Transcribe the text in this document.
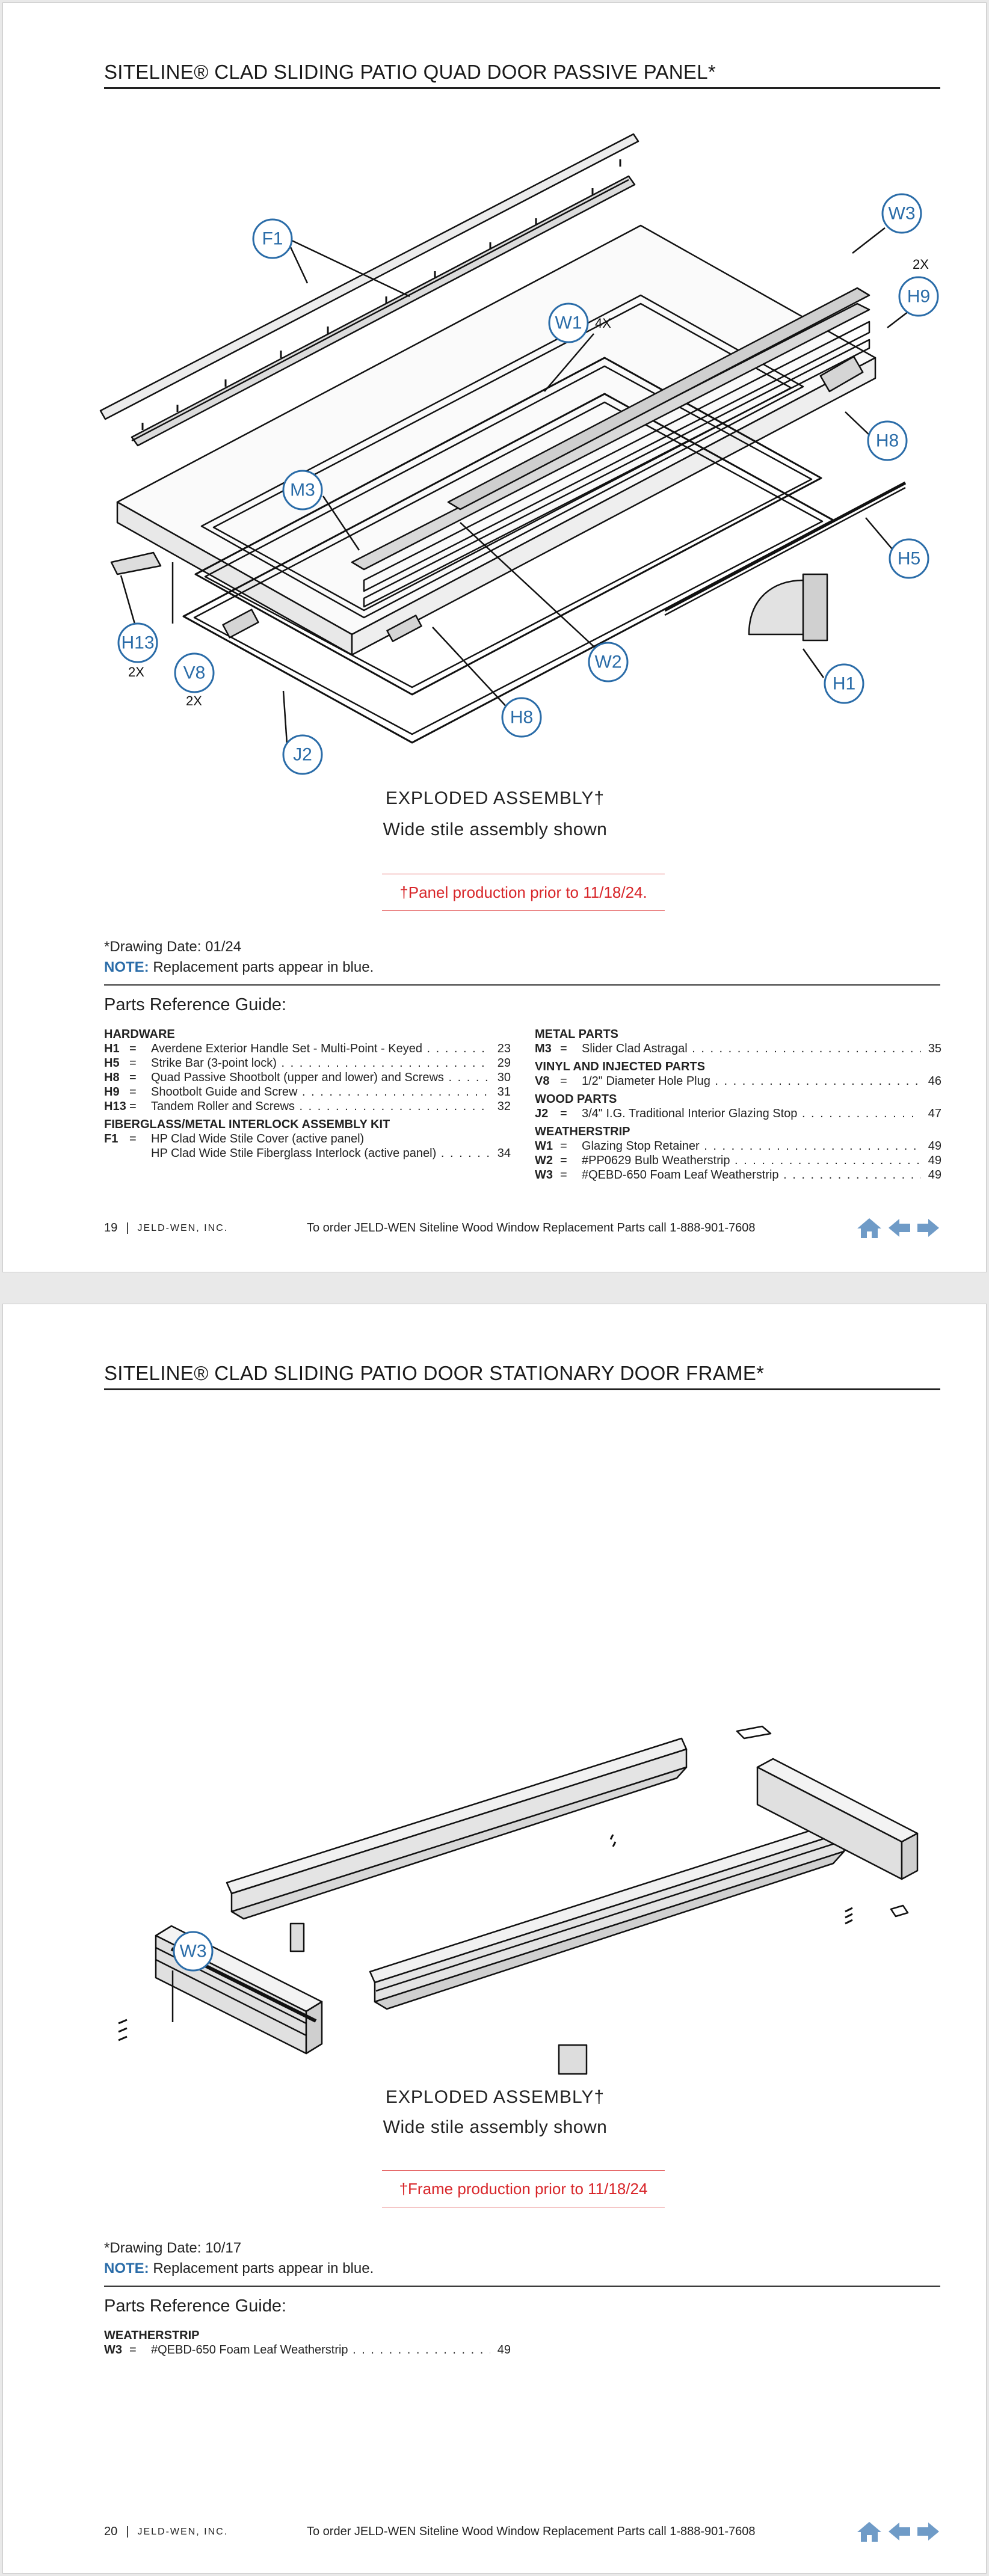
SITELINE® CLAD SLIDING PATIO QUAD DOOR PASSIVE PANEL*
F1
W3
H9
W1
H8
M3
H5
H13
V8
W2
H8
H1
J2
4X
2X
2X
2X
EXPLODED ASSEMBLY†
Wide stile assembly shown
†Panel production prior to 11/18/24.
*Drawing Date: 01/24
NOTE: Replacement parts appear in blue.
Parts Reference Guide:
HARDWARE
H1 =	Averdene Exterior Handle Set - Multi-Point - Keyed . . .	23
H5 =	Strike Bar (3-point lock) . . .	29
H8 =	Quad Passive Shootbolt (upper and lower) and Screws . . .	30
H9 =	Shootbolt Guide and Screw . . .	31
H13 =	Tandem Roller and Screws . . .	32
FIBERGLASS/METAL INTERLOCK ASSEMBLY KIT
F1 =	HP Clad Wide Stile Cover (active panel)
HP Clad Wide Stile Fiberglass Interlock (active panel) . . .	34
METAL PARTS
M3 =	Slider Clad Astragal . . .	35
VINYL AND INJECTED PARTS
V8 =	1/2" Diameter Hole Plug . . .	46
WOOD PARTS
J2 =	3/4" I.G. Traditional Interior Glazing Stop . . .	47
WEATHERSTRIP
W1 =	Glazing Stop Retainer . . .	49
W2 =	#PP0629 Bulb Weatherstrip . . .	49
W3 =	#QEBD-650 Foam Leaf Weatherstrip . . .	49
19 | JELD-WEN, INC.	To order JELD-WEN Siteline Wood Window Replacement Parts call 1-888-901-7608
SITELINE® CLAD SLIDING PATIO DOOR STATIONARY DOOR FRAME*
W3
EXPLODED ASSEMBLY†
Wide stile assembly shown
†Frame production prior to 11/18/24
*Drawing Date: 10/17
NOTE: Replacement parts appear in blue.
Parts Reference Guide:
WEATHERSTRIP
W3 =	#QEBD-650 Foam Leaf Weatherstrip . . .	49
20 | JELD-WEN, INC.	To order JELD-WEN Siteline Wood Window Replacement Parts call 1-888-901-7608
